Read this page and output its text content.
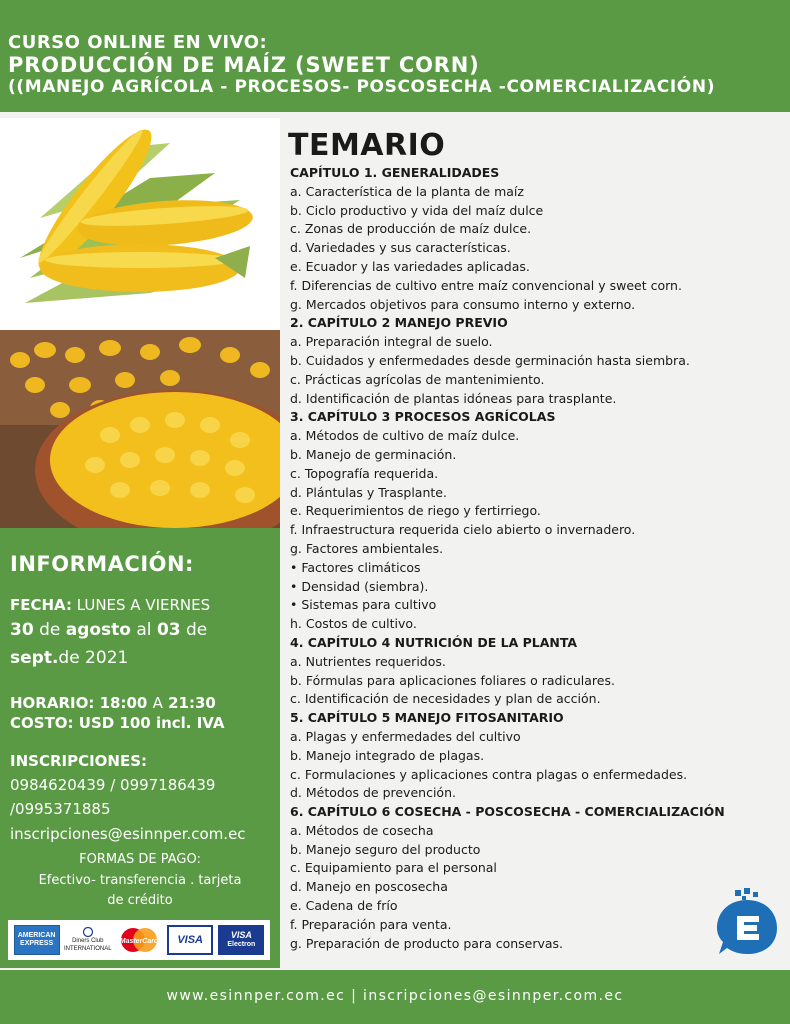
CURSO ONLINE EN VIVO:
PRODUCCIÓN DE MAÍZ (SWEET CORN)
((MANEJO AGRÍCOLA - PROCESOS- POSCOSECHA -COMERCIALIZACIÓN)
INFORMACIÓN:
FECHA: LUNES A VIERNES
30 de agosto al 03 de
sept.de 2021
HORARIO: 18:00 A 21:30
COSTO: USD 100 incl. IVA
INSCRIPCIONES:
0984620439 / 0997186439
/0995371885
inscripciones@esinnper.com.ec
FORMAS DE PAGO:
Efectivo- transferencia . tarjeta
de crédito
AMERICAN EXPRESS	Diners Club INTERNATIONAL
MasterCard	VISA	VISA
Electron
TEMARIO
CAPÍTULO 1. GENERALIDADES
a. Característica de la planta de maíz
b. Ciclo productivo y vida del maíz dulce
c. Zonas de producción de maíz dulce.
d. Variedades y sus características.
e. Ecuador y las variedades aplicadas.
f. Diferencias de cultivo entre maíz convencional y sweet corn.
g. Mercados objetivos para consumo interno y externo.
2. CAPÍTULO 2 MANEJO PREVIO
a. Preparación integral de suelo.
b. Cuidados y enfermedades desde germinación hasta siembra.
c. Prácticas agrícolas de mantenimiento.
d. Identificación de plantas idóneas para trasplante.
3. CAPÍTULO 3 PROCESOS AGRÍCOLAS
a. Métodos de cultivo de maíz dulce.
b. Manejo de germinación.
c. Topografía requerida.
d. Plántulas y Trasplante.
e. Requerimientos de riego y fertirriego.
f. Infraestructura requerida cielo abierto o invernadero.
g. Factores ambientales.
• Factores climáticos
• Densidad (siembra).
• Sistemas para cultivo
h. Costos de cultivo.
4. CAPÍTULO 4 NUTRICIÓN DE LA PLANTA
a. Nutrientes requeridos.
b. Fórmulas para aplicaciones foliares o radiculares.
c. Identificación de necesidades y plan de acción.
5. CAPÍTULO 5 MANEJO FITOSANITARIO
a. Plagas y enfermedades del cultivo
b. Manejo integrado de plagas.
c. Formulaciones y aplicaciones contra plagas o enfermedades.
d. Métodos de prevención.
6. CAPÍTULO 6 COSECHA - POSCOSECHA - COMERCIALIZACIÓN
a. Métodos de cosecha
b. Manejo seguro del producto
c. Equipamiento para el personal
d. Manejo en poscosecha
e. Cadena de frío
f. Preparación para venta.
g. Preparación de producto para conservas.
www.esinnper.com.ec | inscripciones@esinnper.com.ec
